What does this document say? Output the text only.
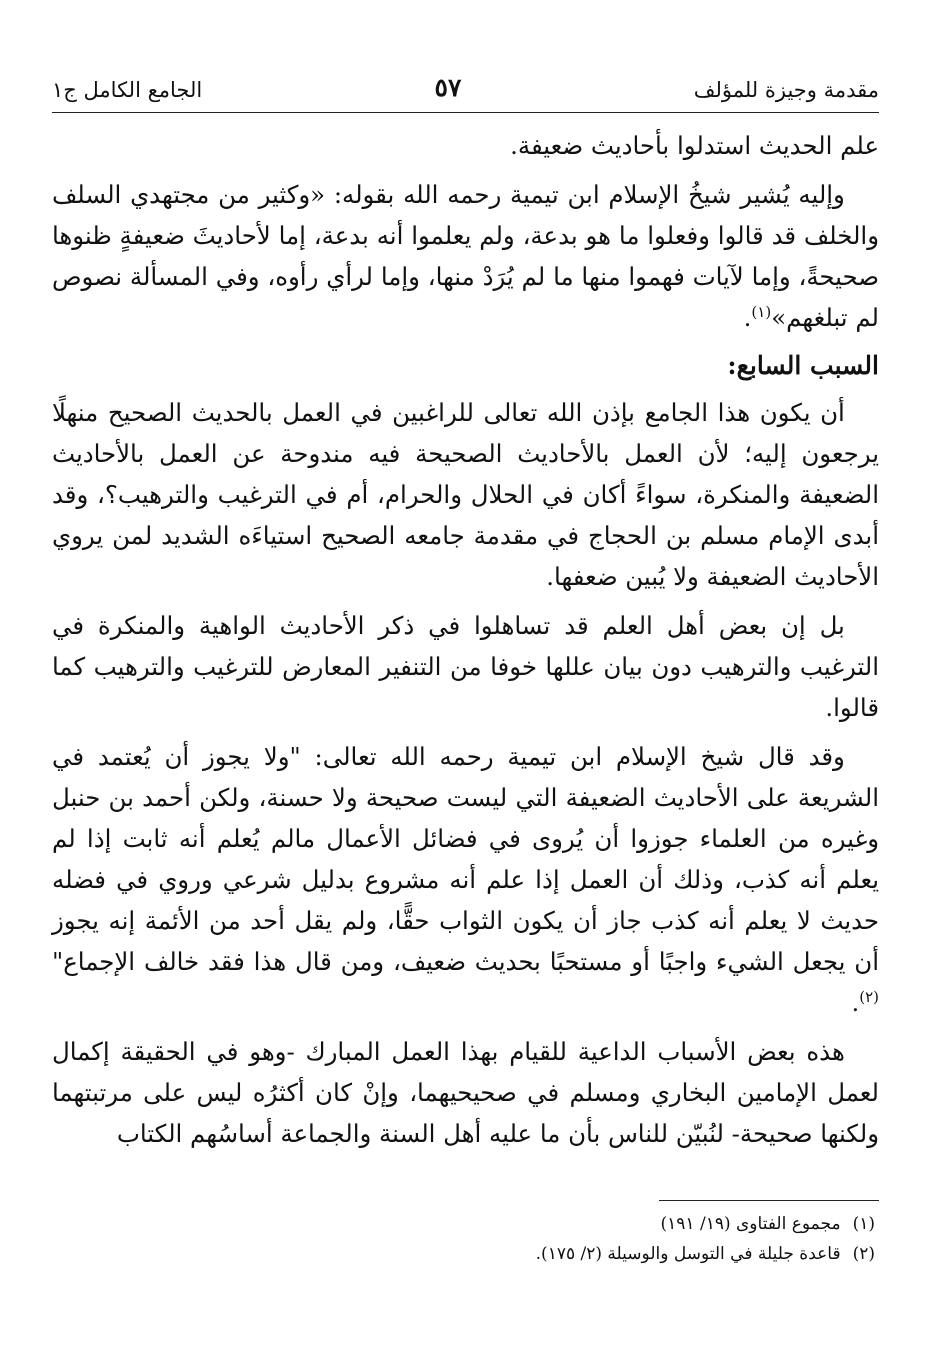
مقدمة وجيزة للمؤلف
٥٧
الجامع الكامل ج١

علم الحديث استدلوا بأحاديث ضعيفة.

وإليه يُشير شيخُ الإسلام ابن تيمية رحمه الله بقوله: «وكثير من مجتهدي السلف والخلف قد قالوا وفعلوا ما هو بدعة، ولم يعلموا أنه بدعة، إما لأحاديثَ ضعيفةٍ ظنوها صحيحةً، وإما لآيات فهموا منها ما لم يُرَدْ منها، وإما لرأي رأوه، وفي المسألة نصوص لم تبلغهم»$^{(١)}$.

السبب السابع:

أن يكون هذا الجامع بإذن الله تعالى للراغبين في العمل بالحديث الصحيح منهلًا يرجعون إليه؛ لأن العمل بالأحاديث الصحيحة فيه مندوحة عن العمل بالأحاديث الضعيفة والمنكرة، سواءً أكان في الحلال والحرام، أم في الترغيب والترهيب؟، وقد أبدى الإمام مسلم بن الحجاج في مقدمة جامعه الصحيح استياءَه الشديد لمن يروي الأحاديث الضعيفة ولا يُبين ضعفها.

بل إن بعض أهل العلم قد تساهلوا في ذكر الأحاديث الواهية والمنكرة في الترغيب والترهيب دون بيان عللها خوفا من التنفير المعارض للترغيب والترهيب كما قالوا.

وقد قال شيخ الإسلام ابن تيمية رحمه الله تعالى: "ولا يجوز أن يُعتمد في الشريعة على الأحاديث الضعيفة التي ليست صحيحة ولا حسنة، ولكن أحمد بن حنبل وغيره من العلماء جوزوا أن يُروى في فضائل الأعمال مالم يُعلم أنه ثابت إذا لم يعلم أنه كذب، وذلك أن العمل إذا علم أنه مشروع بدليل شرعي وروي في فضله حديث لا يعلم أنه كذب جاز أن يكون الثواب حقًّا، ولم يقل أحد من الأئمة إنه يجوز أن يجعل الشيء واجبًا أو مستحبًا بحديث ضعيف، ومن قال هذا فقد خالف الإجماع"$^{(٢)}$.

هذه بعض الأسباب الداعية للقيام بهذا العمل المبارك -وهو في الحقيقة إكمال لعمل الإمامين البخاري ومسلم في صحيحيهما، وإنْ كان أكثرُه ليس على مرتبتهما ولكنها صحيحة- لنُبيّن للناس بأن ما عليه أهل السنة والجماعة أساسُهم الكتاب

(١)مجموع الفتاوى (١٩/ ١٩١)
(٢)قاعدة جليلة في التوسل والوسيلة (٢/ ١٧٥).
